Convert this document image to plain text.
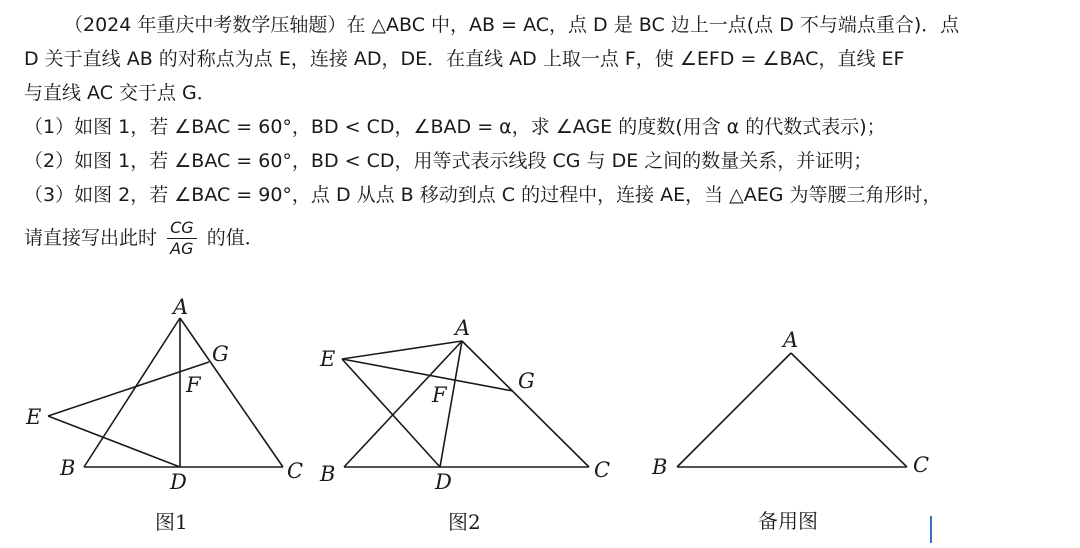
（2024 年重庆中考数学压轴题）在 △ABC 中，AB = AC，点 D 是 BC 边上一点(点 D 不与端点重合)．点
D 关于直线 AB 的对称点为点 E，连接 AD，DE．在直线 AD 上取一点 F，使 ∠EFD = ∠BAC，直线 EF
与直线 AC 交于点 G．
（1）如图 1，若 ∠BAC = 60°，BD < CD，∠BAD = α，求 ∠AGE 的度数(用含 α 的代数式表示)；
（2）如图 1，若 ∠BAC = 60°，BD < CD，用等式表示线段 CG 与 DE 之间的数量关系，并证明；
（3）如图 2，若 ∠BAC = 90°，点 D 从点 B 移动到点 C 的过程中，连接 AE，当 △AEG 为等腰三角形时，
请直接写出此时 $\frac{CG}{AG}$ 的值．
A
G
F
E
B
D	C
图1
A
E
G
F
B	D	C
图2
A
B	C
备用图
